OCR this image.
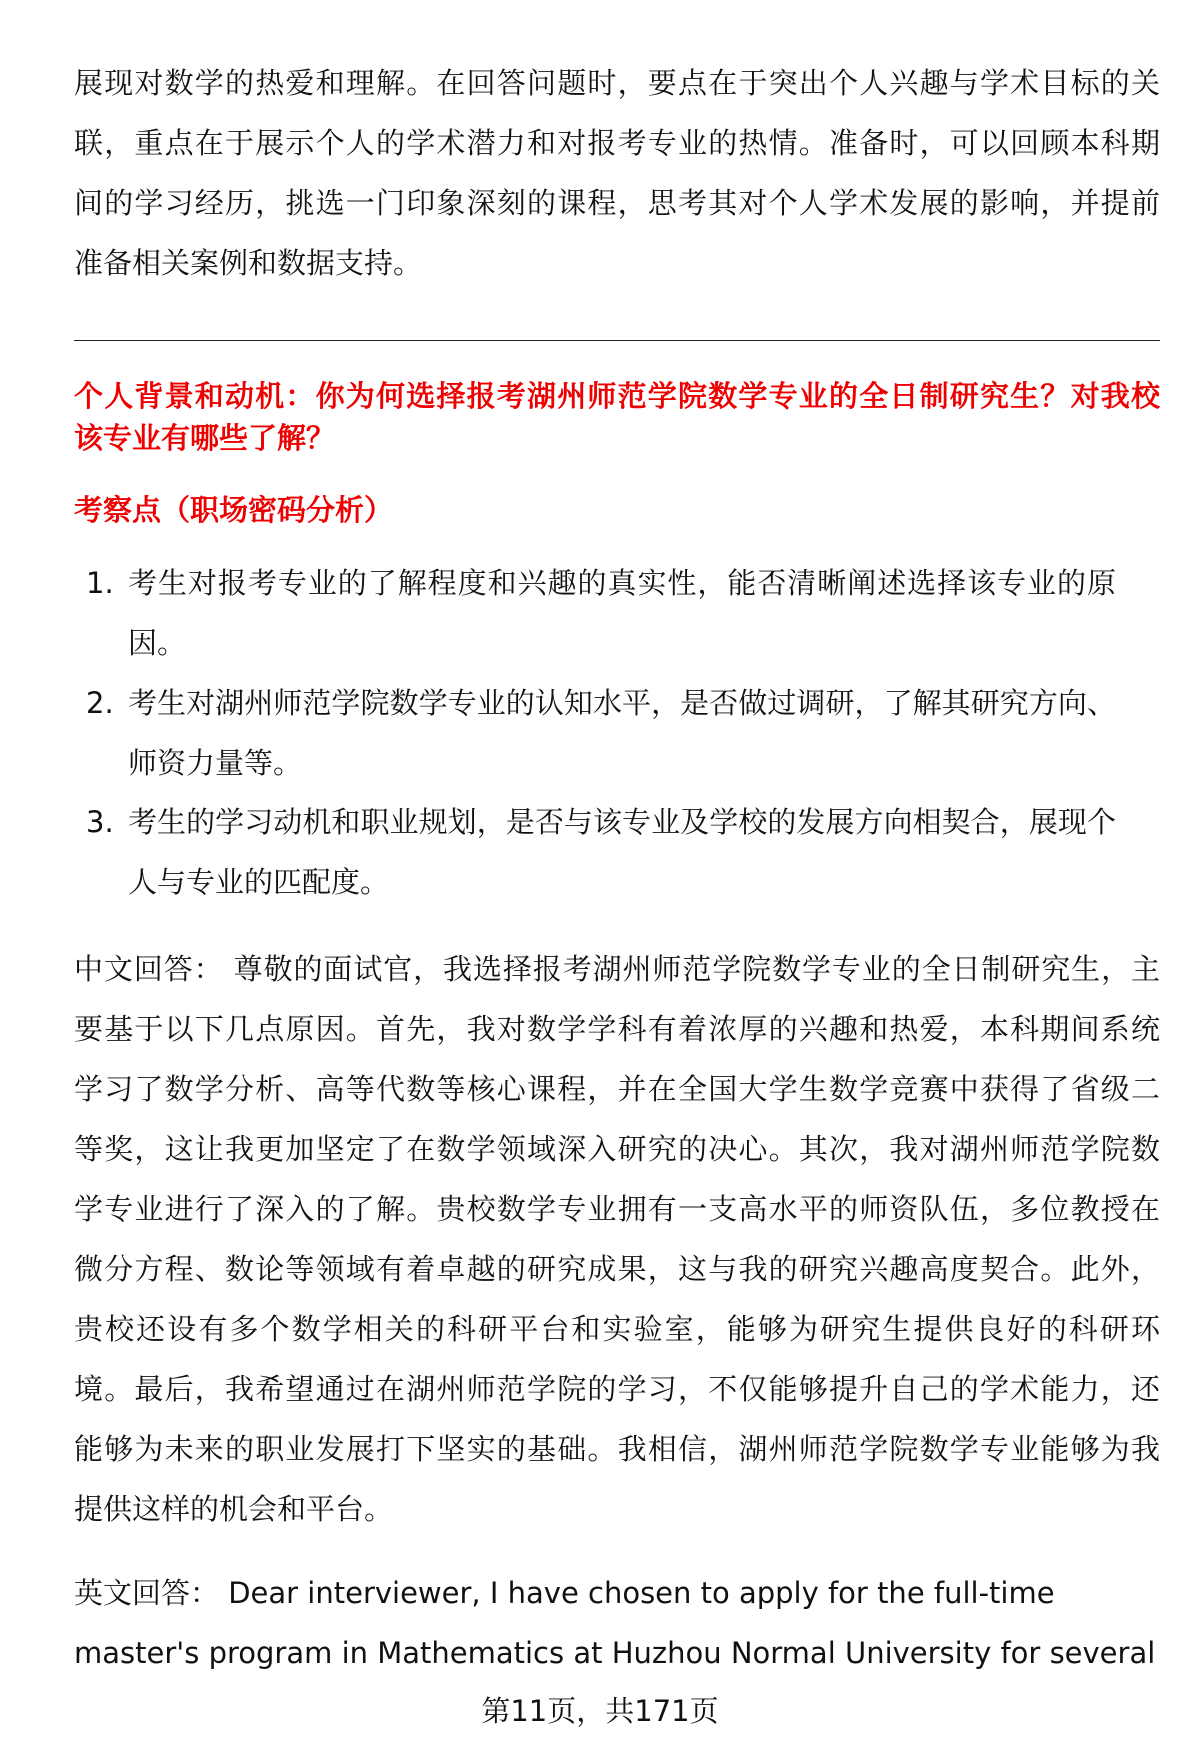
展现对数学的热爱和理解。在回答问题时，要点在于突出个人兴趣与学术目标的关
联，重点在于展示个人的学术潜力和对报考专业的热情。准备时，可以回顾本科期
间的学习经历，挑选一门印象深刻的课程，思考其对个人学术发展的影响，并提前
准备相关案例和数据支持。
个人背景和动机：你为何选择报考湖州师范学院数学专业的全日制研究生？对我校
该专业有哪些了解？
考察点（职场密码分析）
1. 考生对报考专业的了解程度和兴趣的真实性，能否清晰阐述选择该专业的原
因。
2. 考生对湖州师范学院数学专业的认知水平，是否做过调研，了解其研究方向、
师资力量等。
3. 考生的学习动机和职业规划，是否与该专业及学校的发展方向相契合，展现个
人与专业的匹配度。
中文回答： 尊敬的面试官，我选择报考湖州师范学院数学专业的全日制研究生，主
要基于以下几点原因。首先，我对数学学科有着浓厚的兴趣和热爱，本科期间系统
学习了数学分析、高等代数等核心课程，并在全国大学生数学竞赛中获得了省级二
等奖，这让我更加坚定了在数学领域深入研究的决心。其次，我对湖州师范学院数
学专业进行了深入的了解。贵校数学专业拥有一支高水平的师资队伍，多位教授在
微分方程、数论等领域有着卓越的研究成果，这与我的研究兴趣高度契合。此外，
贵校还设有多个数学相关的科研平台和实验室，能够为研究生提供良好的科研环
境。最后，我希望通过在湖州师范学院的学习，不仅能够提升自己的学术能力，还
能够为未来的职业发展打下坚实的基础。我相信，湖州师范学院数学专业能够为我
提供这样的机会和平台。
英文回答： Dear interviewer, I have chosen to apply for the full-time
master's program in Mathematics at Huzhou Normal University for several
第11页，共171页
